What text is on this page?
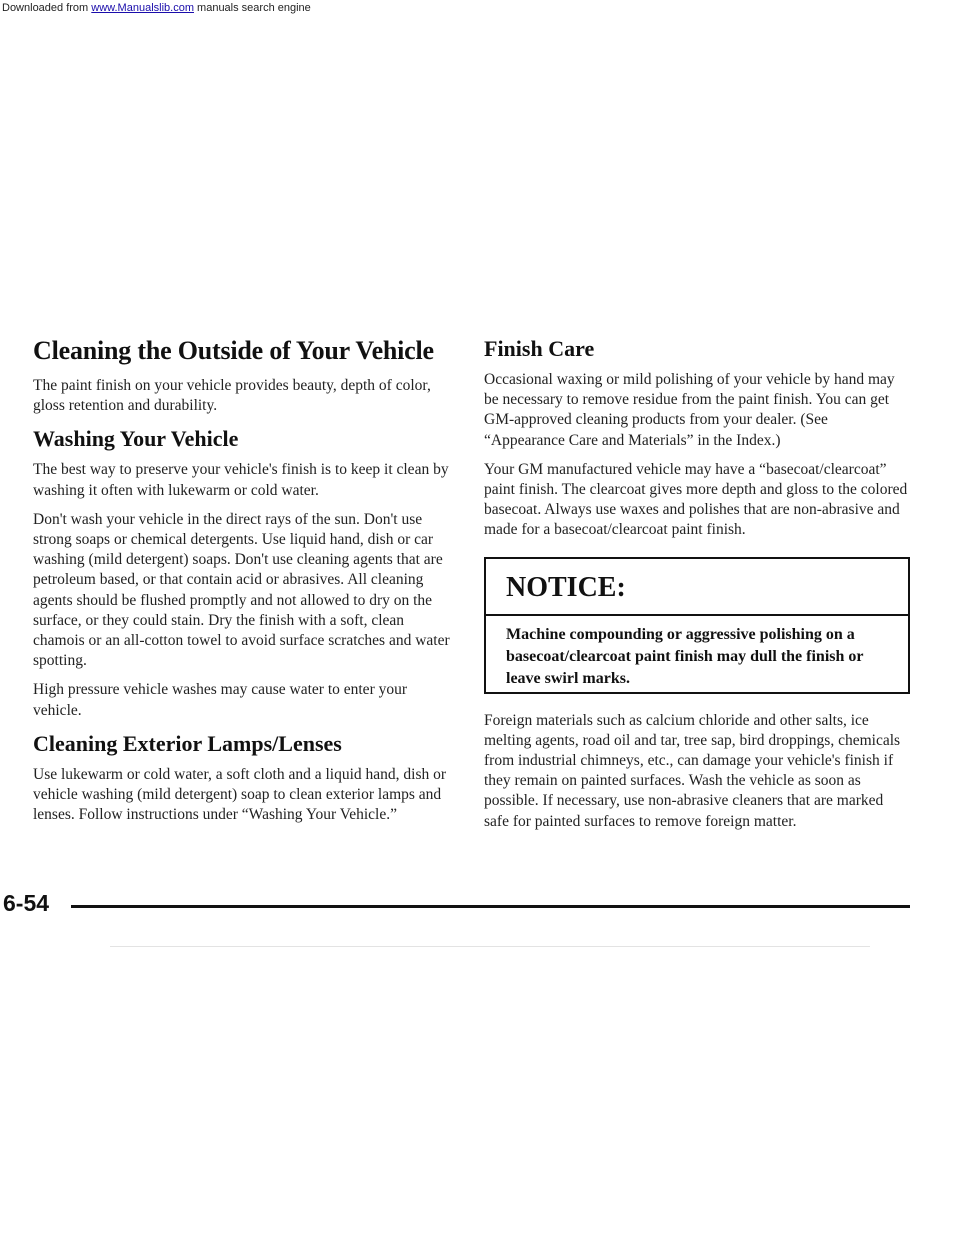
Downloaded from www.Manualslib.com manuals search engine
Cleaning the Outside of Your Vehicle

The paint finish on your vehicle provides beauty, depth of color, gloss retention and durability.

Washing Your Vehicle

The best way to preserve your vehicle's finish is to keep it clean by washing it often with lukewarm or cold water.

Don't wash your vehicle in the direct rays of the sun. Don't use strong soaps or chemical detergents. Use liquid hand, dish or car washing (mild detergent) soaps. Don't use cleaning agents that are petroleum based, or that contain acid or abrasives. All cleaning agents should be flushed promptly and not allowed to dry on the surface, or they could stain. Dry the finish with a soft, clean chamois or an all-cotton towel to avoid surface scratches and water spotting.

High pressure vehicle washes may cause water to enter your vehicle.

Cleaning Exterior Lamps/Lenses

Use lukewarm or cold water, a soft cloth and a liquid hand, dish or vehicle washing (mild detergent) soap to clean exterior lamps and lenses. Follow instructions under “Washing Your Vehicle.”

Finish Care

Occasional waxing or mild polishing of your vehicle by hand may be necessary to remove residue from the paint finish. You can get GM-approved cleaning products from your dealer. (See “Appearance Care and Materials” in the Index.)

Your GM manufactured vehicle may have a “basecoat/clearcoat” paint finish. The clearcoat gives more depth and gloss to the colored basecoat. Always use waxes and polishes that are non-abrasive and made for a basecoat/clearcoat paint finish.

NOTICE:

Machine compounding or aggressive polishing on a basecoat/clearcoat paint finish may dull the finish or leave swirl marks.

Foreign materials such as calcium chloride and other salts, ice melting agents, road oil and tar, tree sap, bird droppings, chemicals from industrial chimneys, etc., can damage your vehicle's finish if they remain on painted surfaces. Wash the vehicle as soon as possible. If necessary, use non-abrasive cleaners that are marked safe for painted surfaces to remove foreign matter.

6-54
